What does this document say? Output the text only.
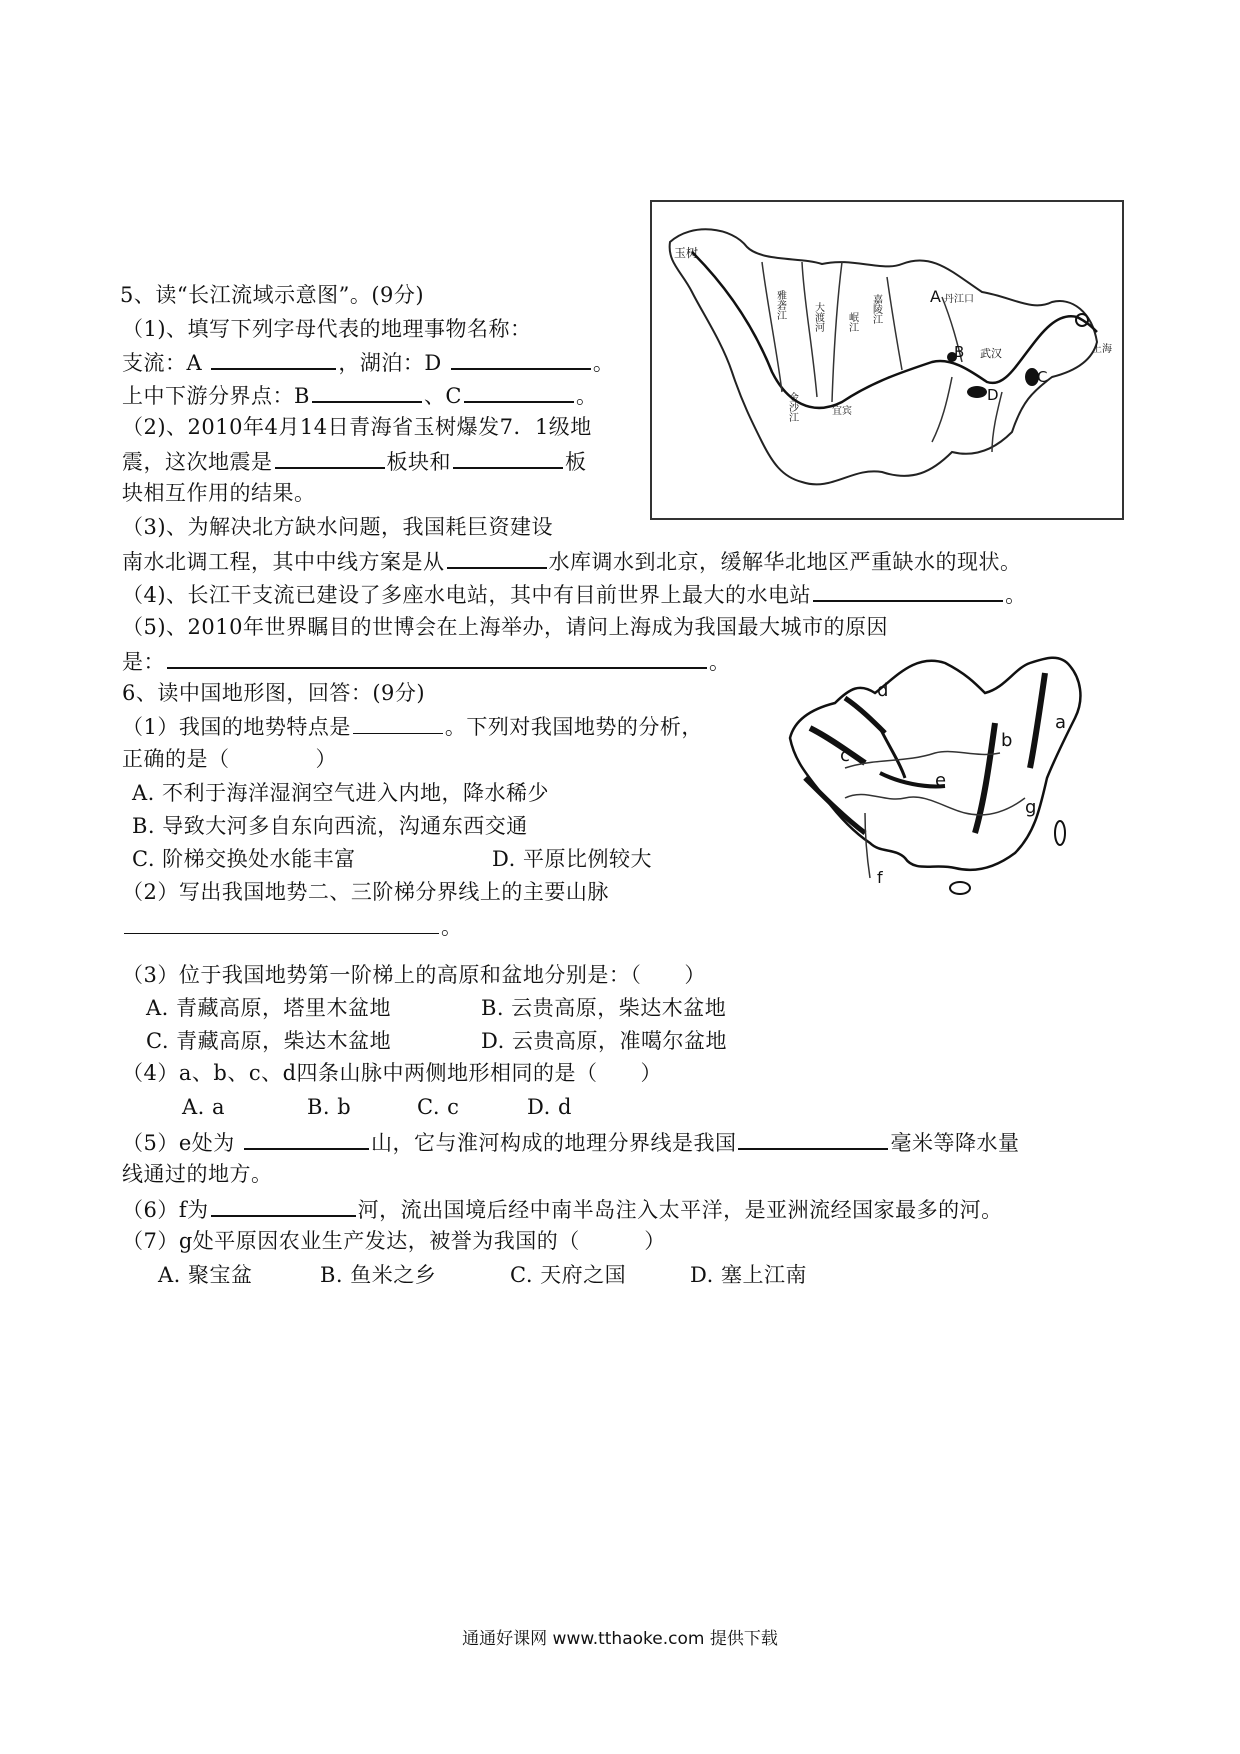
玉树
A 丹江口
B 武汉
C
D
上海
宜宾
嘉陵江
雅砻江	大渡河 岷江
金沙江
5、读“长江流域示意图”。(9分)
（1)、填写下列字母代表的地理事物名称：
支流：A	，湖泊：D	。
上中下游分界点：B	、C	。
（2)、2010年4月14日青海省玉树爆发7．1级地
震，这次地震是	板块和	板
块相互作用的结果。
（3)、为解决北方缺水问题，我国耗巨资建设
南水北调工程，其中中线方案是从	水库调水到北京，缓解华北地区严重缺水的现状。
（4)、长江干支流已建设了多座水电站，其中有目前世界上最大的水电站	。
（5)、2010年世界瞩目的世博会在上海举办，请问上海成为我国最大城市的原因
是：	。
a
b
c
d
e
f
g
6、读中国地形图，回答：(9分)
（1）我国的地势特点是	。下列对我国地势的分析，
正确的是（　　　　）
A. 不利于海洋湿润空气进入内地，降水稀少
B. 导致大河多自东向西流，沟通东西交通
C. 阶梯交换处水能丰富	D. 平原比例较大
（2）写出我国地势二、三阶梯分界线上的主要山脉
。
（3）位于我国地势第一阶梯上的高原和盆地分别是：（　　）
A. 青藏高原，塔里木盆地	B. 云贵高原，柴达木盆地
C. 青藏高原，柴达木盆地	D. 云贵高原，准噶尔盆地
（4）a、b、c、d四条山脉中两侧地形相同的是（　　）
A. a	B. b	C. c	D. d
（5）e处为	山，它与淮河构成的地理分界线是我国	毫米等降水量
线通过的地方。
（6）f为	河，流出国境后经中南半岛注入太平洋，是亚洲流经国家最多的河。
（7）g处平原因农业生产发达，被誉为我国的（　　　）
A. 聚宝盆	B. 鱼米之乡	C. 天府之国	D. 塞上江南
通通好课网 www.tthaoke.com 提供下载
